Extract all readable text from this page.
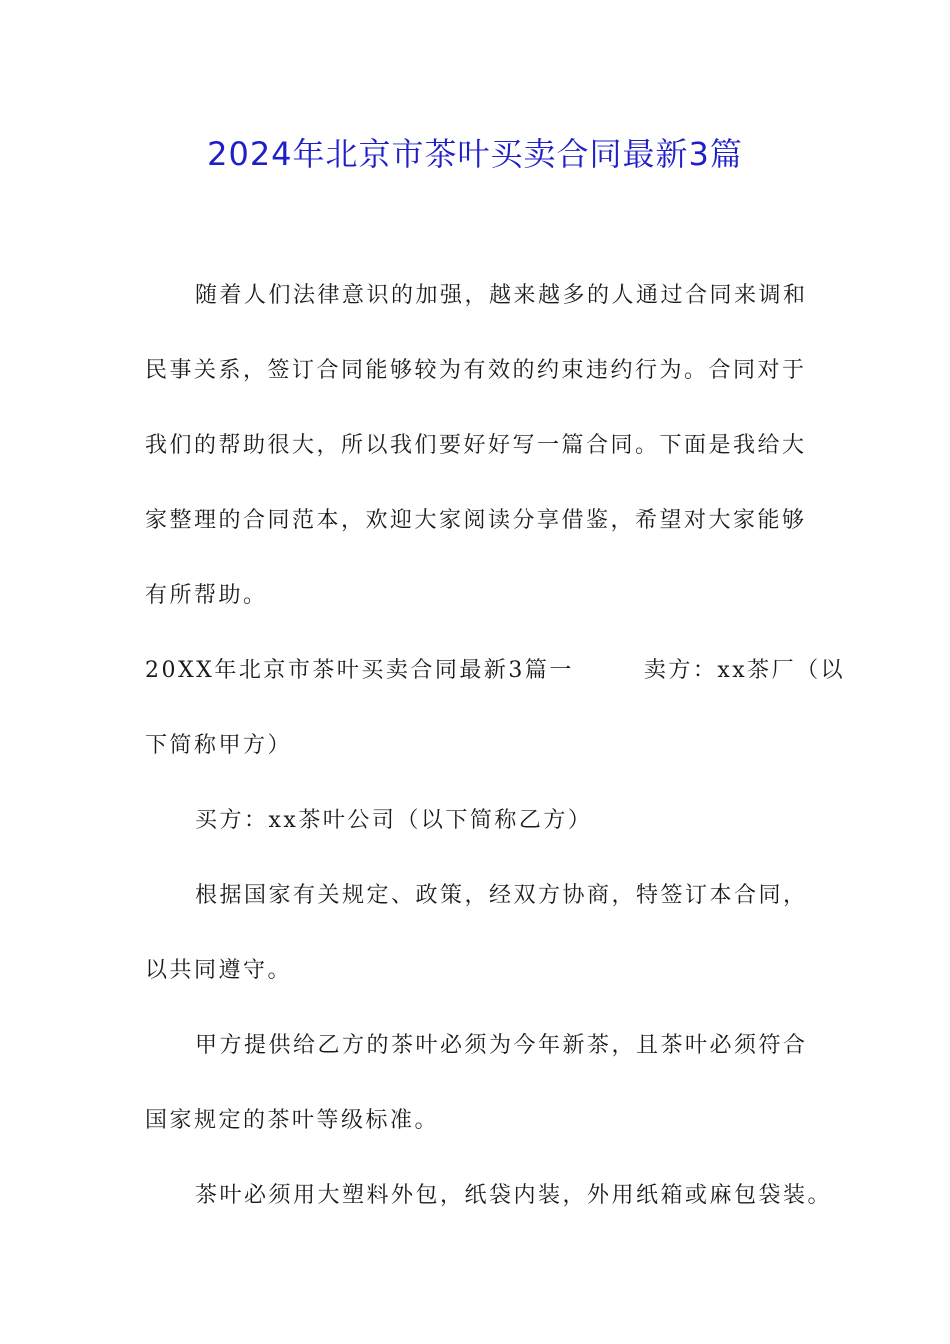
2024年北京市茶叶买卖合同最新3篇

随着人们法律意识的加强，越来越多的人通过合同来调和

民事关系，签订合同能够较为有效的约束违约行为。合同对于

我们的帮助很大，所以我们要好好写一篇合同。下面是我给大

家整理的合同范本，欢迎大家阅读分享借鉴，希望对大家能够

有所帮助。

20XX年北京市茶叶买卖合同最新3篇一	卖方：xx茶厂（以

下简称甲方）

买方：xx茶叶公司（以下简称乙方）

根据国家有关规定、政策，经双方协商，特签订本合同，

以共同遵守。

甲方提供给乙方的茶叶必须为今年新茶，且茶叶必须符合

国家规定的茶叶等级标准。

茶叶必须用大塑料外包，纸袋内装，外用纸箱或麻包袋装。
